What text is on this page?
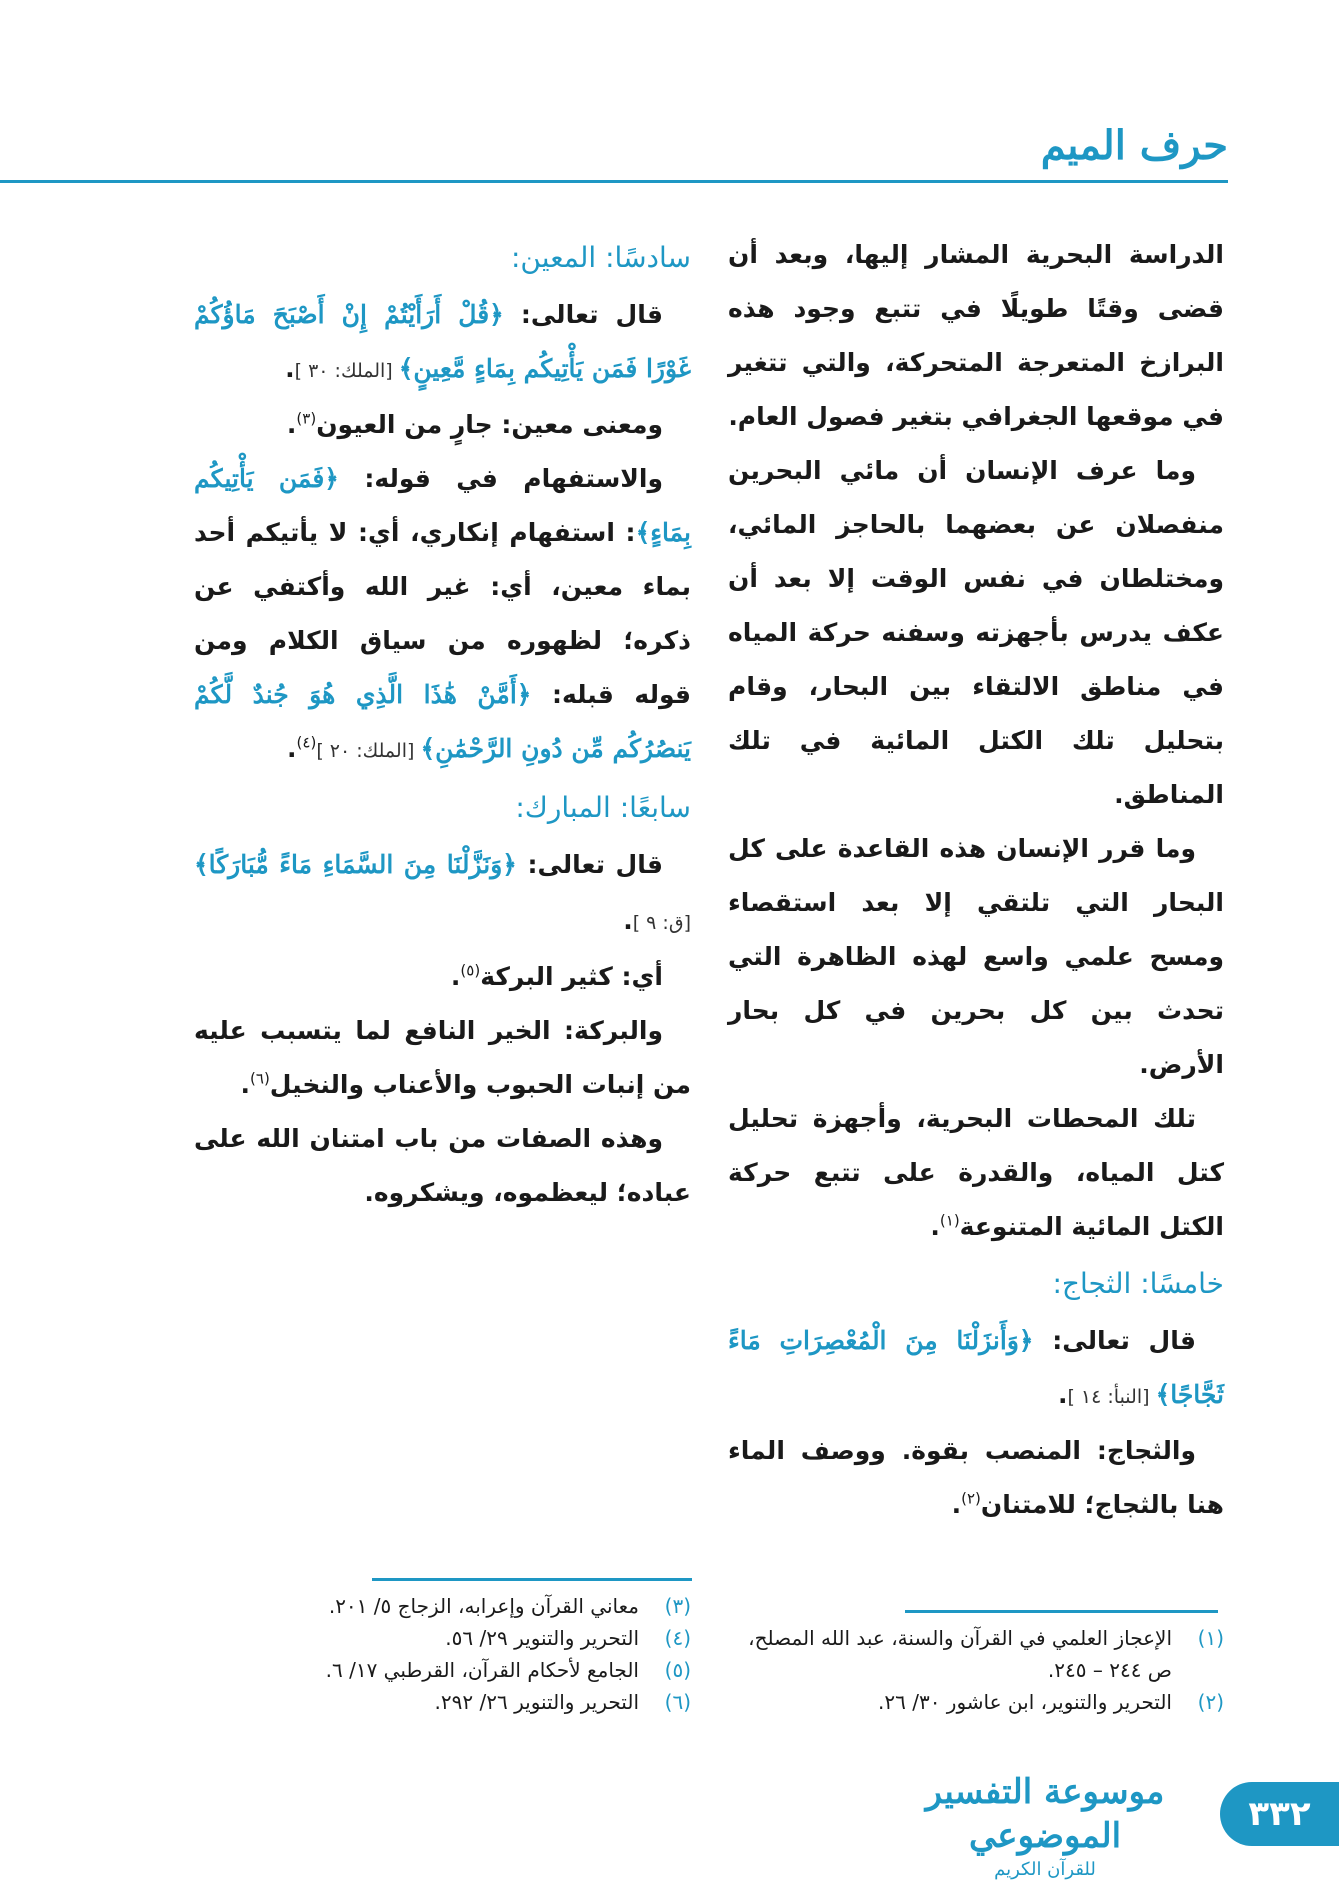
حرف الميم

الدراسة البحرية المشار إليها، وبعد أن قضى وقتًا طويلًا في تتبع وجود هذه البرازخ المتعرجة المتحركة، والتي تتغير في موقعها الجغرافي بتغير فصول العام.

وما عرف الإنسان أن مائي البحرين منفصلان عن بعضهما بالحاجز المائي، ومختلطان في نفس الوقت إلا بعد أن عكف يدرس بأجهزته وسفنه حركة المياه في مناطق الالتقاء بين البحار، وقام بتحليل تلك الكتل المائية في تلك المناطق.

وما قرر الإنسان هذه القاعدة على كل البحار التي تلتقي إلا بعد استقصاء ومسح علمي واسع لهذه الظاهرة التي تحدث بين كل بحرين في كل بحار الأرض.

تلك المحطات البحرية، وأجهزة تحليل كتل المياه، والقدرة على تتبع حركة الكتل المائية المتنوعة$^{(١)}$.

خامسًا: الثجاج:

قال تعالى: ﴿وَأَنزَلْنَا مِنَ الْمُعْصِرَاتِ مَاءً ثَجَّاجًا﴾ [النبأ: ١٤ ].

والثجاج: المنصب بقوة. ووصف الماء هنا بالثجاج؛ للامتنان$^{(٢)}$.

سادسًا: المعين:

قال تعالى: ﴿قُلْ أَرَأَيْتُمْ إِنْ أَصْبَحَ مَاؤُكُمْ غَوْرًا فَمَن يَأْتِيكُم بِمَاءٍ مَّعِينٍ﴾ [الملك: ٣٠ ].

ومعنى معين: جارٍ من العيون$^{(٣)}$.

والاستفهام في قوله: ﴿فَمَن يَأْتِيكُم بِمَاءٍ﴾: استفهام إنكاري، أي: لا يأتيكم أحد بماء معين، أي: غير الله وأكتفي عن ذكره؛ لظهوره من سياق الكلام ومن قوله قبله: ﴿أَمَّنْ هَٰذَا الَّذِي هُوَ جُندٌ لَّكُمْ يَنصُرُكُم مِّن دُونِ الرَّحْمَٰنِ﴾ [الملك: ٢٠ ]$^{(٤)}$.

سابعًا: المبارك:

قال تعالى: ﴿وَنَزَّلْنَا مِنَ السَّمَاءِ مَاءً مُّبَارَكًا﴾ [ق: ٩ ].

أي: كثير البركة$^{(٥)}$.

والبركة: الخير النافع لما يتسبب عليه من إنبات الحبوب والأعناب والنخيل$^{(٦)}$.

وهذه الصفات من باب امتنان الله على عباده؛ ليعظموه، ويشكروه.

(١)الإعجاز العلمي في القرآن والسنة، عبد الله المصلح، ص ٢٤٤ – ٢٤٥.

(٢)التحرير والتنوير، ابن عاشور ٣٠/ ٢٦.

(٣)معاني القرآن وإعرابه، الزجاج ٥/ ٢٠١.

(٤)التحرير والتنوير ٢٩/ ٥٦.

(٥)الجامع لأحكام القرآن، القرطبي ١٧/ ٦.

(٦)التحرير والتنوير ٢٦/ ٢٩٢.

موسوعة التفسير الموضوعي
للقرآن الكريم
٣٣٢
